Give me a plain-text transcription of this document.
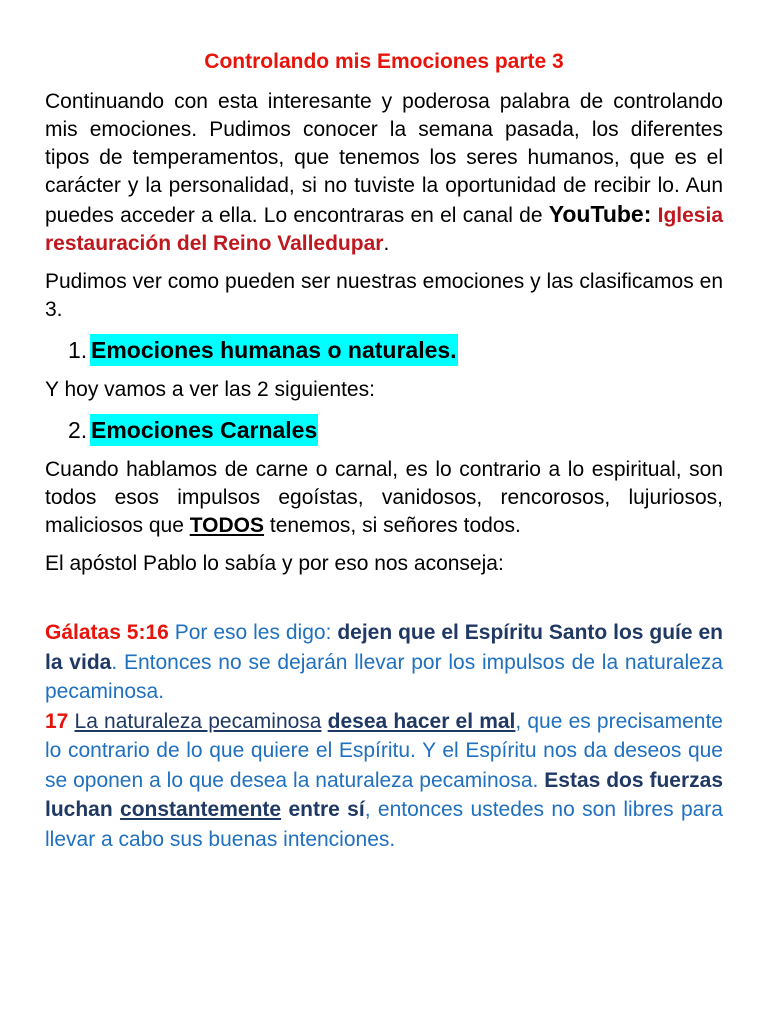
Controlando mis Emociones parte 3

Continuando con esta interesante y poderosa palabra de controlando mis emociones. Pudimos conocer la semana pasada, los diferentes tipos de temperamentos, que tenemos los seres humanos, que es el carácter y la personalidad, si no tuviste la oportunidad de recibir lo. Aun puedes acceder a ella. Lo encontraras en el canal de YouTube: Iglesia restauración del Reino Valledupar.

Pudimos ver como pueden ser nuestras emociones y las clasificamos en 3.

1. Emociones humanas o naturales.

Y hoy vamos a ver las 2 siguientes:

2. Emociones Carnales

Cuando hablamos de carne o carnal, es lo contrario a lo espiritual, son todos esos impulsos egoístas, vanidosos, rencorosos, lujuriosos, maliciosos que TODOS tenemos, si señores todos.

El apóstol Pablo lo sabía y por eso nos aconseja:

Gálatas 5:16 Por eso les digo: dejen que el Espíritu Santo los guíe en la vida. Entonces no se dejarán llevar por los impulsos de la naturaleza pecaminosa.

17 La naturaleza pecaminosa desea hacer el mal, que es precisamente lo contrario de lo que quiere el Espíritu. Y el Espíritu nos da deseos que se oponen a lo que desea la naturaleza pecaminosa. Estas dos fuerzas luchan constantemente entre sí, entonces ustedes no son libres para llevar a cabo sus buenas intenciones.
